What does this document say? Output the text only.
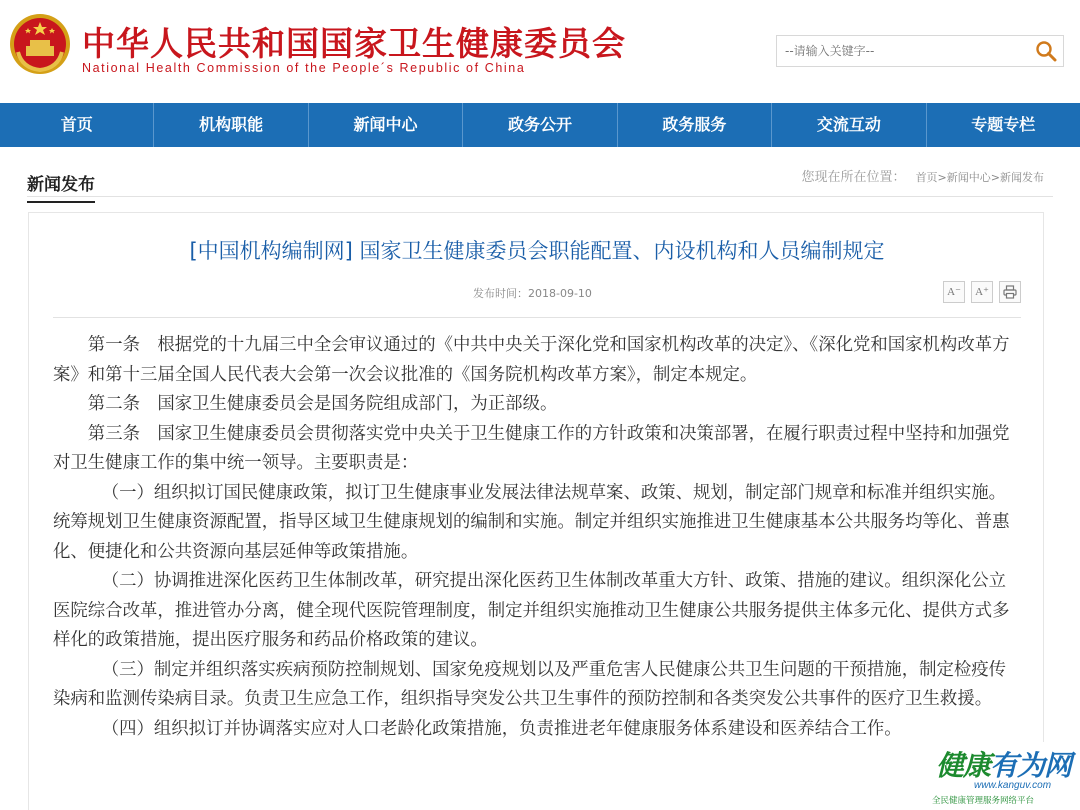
中华人民共和国国家卫生健康委员会
National Health Commission of the People´s Republic of China
--请输入关键字--
首页	机构职能	新闻中心	政务公开	政务服务	交流互动	专题专栏
新闻发布	您现在所在位置： 首页>新闻中心>新闻发布
[中国机构编制网] 国家卫生健康委员会职能配置、内设机构和人员编制规定
发布时间：2018-09-10	A⁻	A⁺

第一条　根据党的十九届三中全会审议通过的《中共中央关于深化党和国家机构改革的决定》、《深化党和国家机构改革方案》和第十三届全国人民代表大会第一次会议批准的《国务院机构改革方案》，制定本规定。

第二条　国家卫生健康委员会是国务院组成部门，为正部级。

第三条　国家卫生健康委员会贯彻落实党中央关于卫生健康工作的方针政策和决策部署，在履行职责过程中坚持和加强党对卫生健康工作的集中统一领导。主要职责是：

（一）组织拟订国民健康政策，拟订卫生健康事业发展法律法规草案、政策、规划，制定部门规章和标准并组织实施。统筹规划卫生健康资源配置，指导区域卫生健康规划的编制和实施。制定并组织实施推进卫生健康基本公共服务均等化、普惠化、便捷化和公共资源向基层延伸等政策措施。

（二）协调推进深化医药卫生体制改革，研究提出深化医药卫生体制改革重大方针、政策、措施的建议。组织深化公立医院综合改革，推进管办分离，健全现代医院管理制度，制定并组织实施推动卫生健康公共服务提供主体多元化、提供方式多样化的政策措施，提出医疗服务和药品价格政策的建议。

（三）制定并组织落实疾病预防控制规划、国家免疫规划以及严重危害人民健康公共卫生问题的干预措施，制定检疫传染病和监测传染病目录。负责卫生应急工作，组织指导突发公共卫生事件的预防控制和各类突发公共事件的医疗卫生救援。

（四）组织拟订并协调落实应对人口老龄化政策措施，负责推进老年健康服务体系建设和医养结合工作。

健康有为网
www.kanguv.com
全民健康管理服务网络平台
